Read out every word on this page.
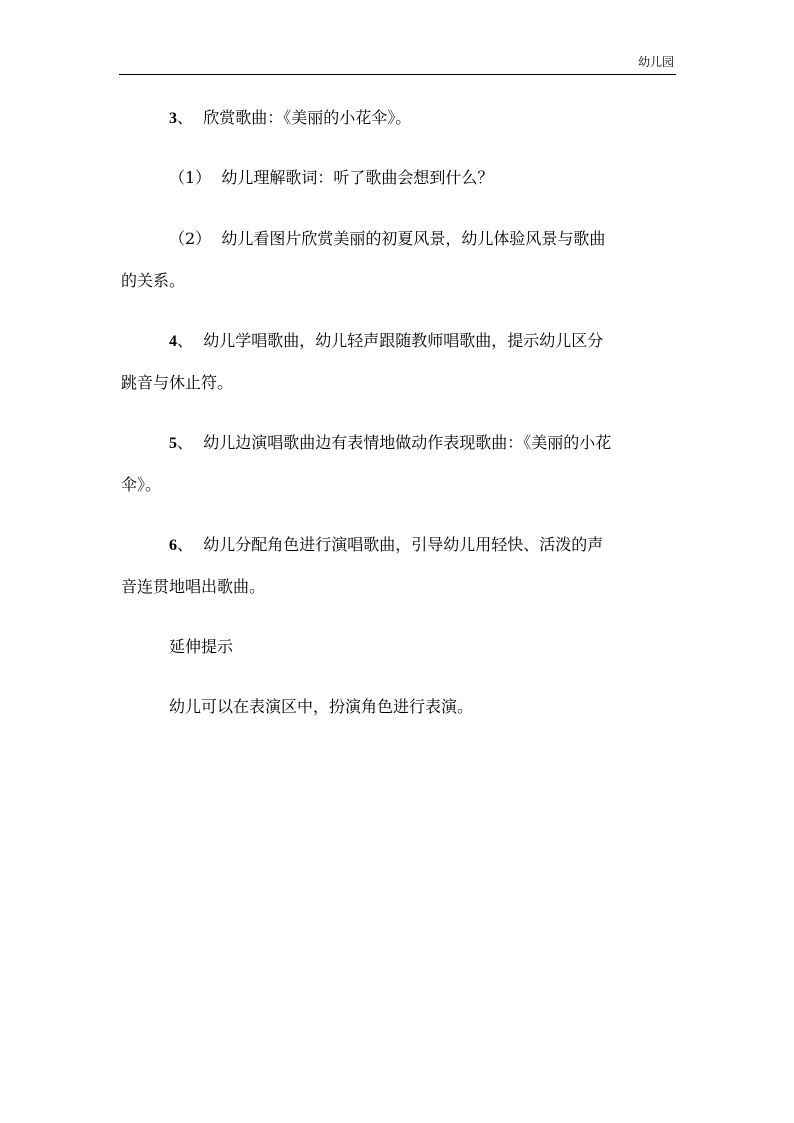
幼儿园

3、 欣赏歌曲：《美丽的小花伞》。

（1）  幼儿理解歌词：听了歌曲会想到什么？

（2）  幼儿看图片欣赏美丽的初夏风景，幼儿体验风景与歌曲

的关系。

4、 幼儿学唱歌曲，幼儿轻声跟随教师唱歌曲，提示幼儿区分

跳音与休止符。

5、 幼儿边演唱歌曲边有表情地做动作表现歌曲：《美丽的小花

伞》。

6、 幼儿分配角色进行演唱歌曲，引导幼儿用轻快、活泼的声

音连贯地唱出歌曲。

延伸提示

幼儿可以在表演区中，扮演角色进行表演。
